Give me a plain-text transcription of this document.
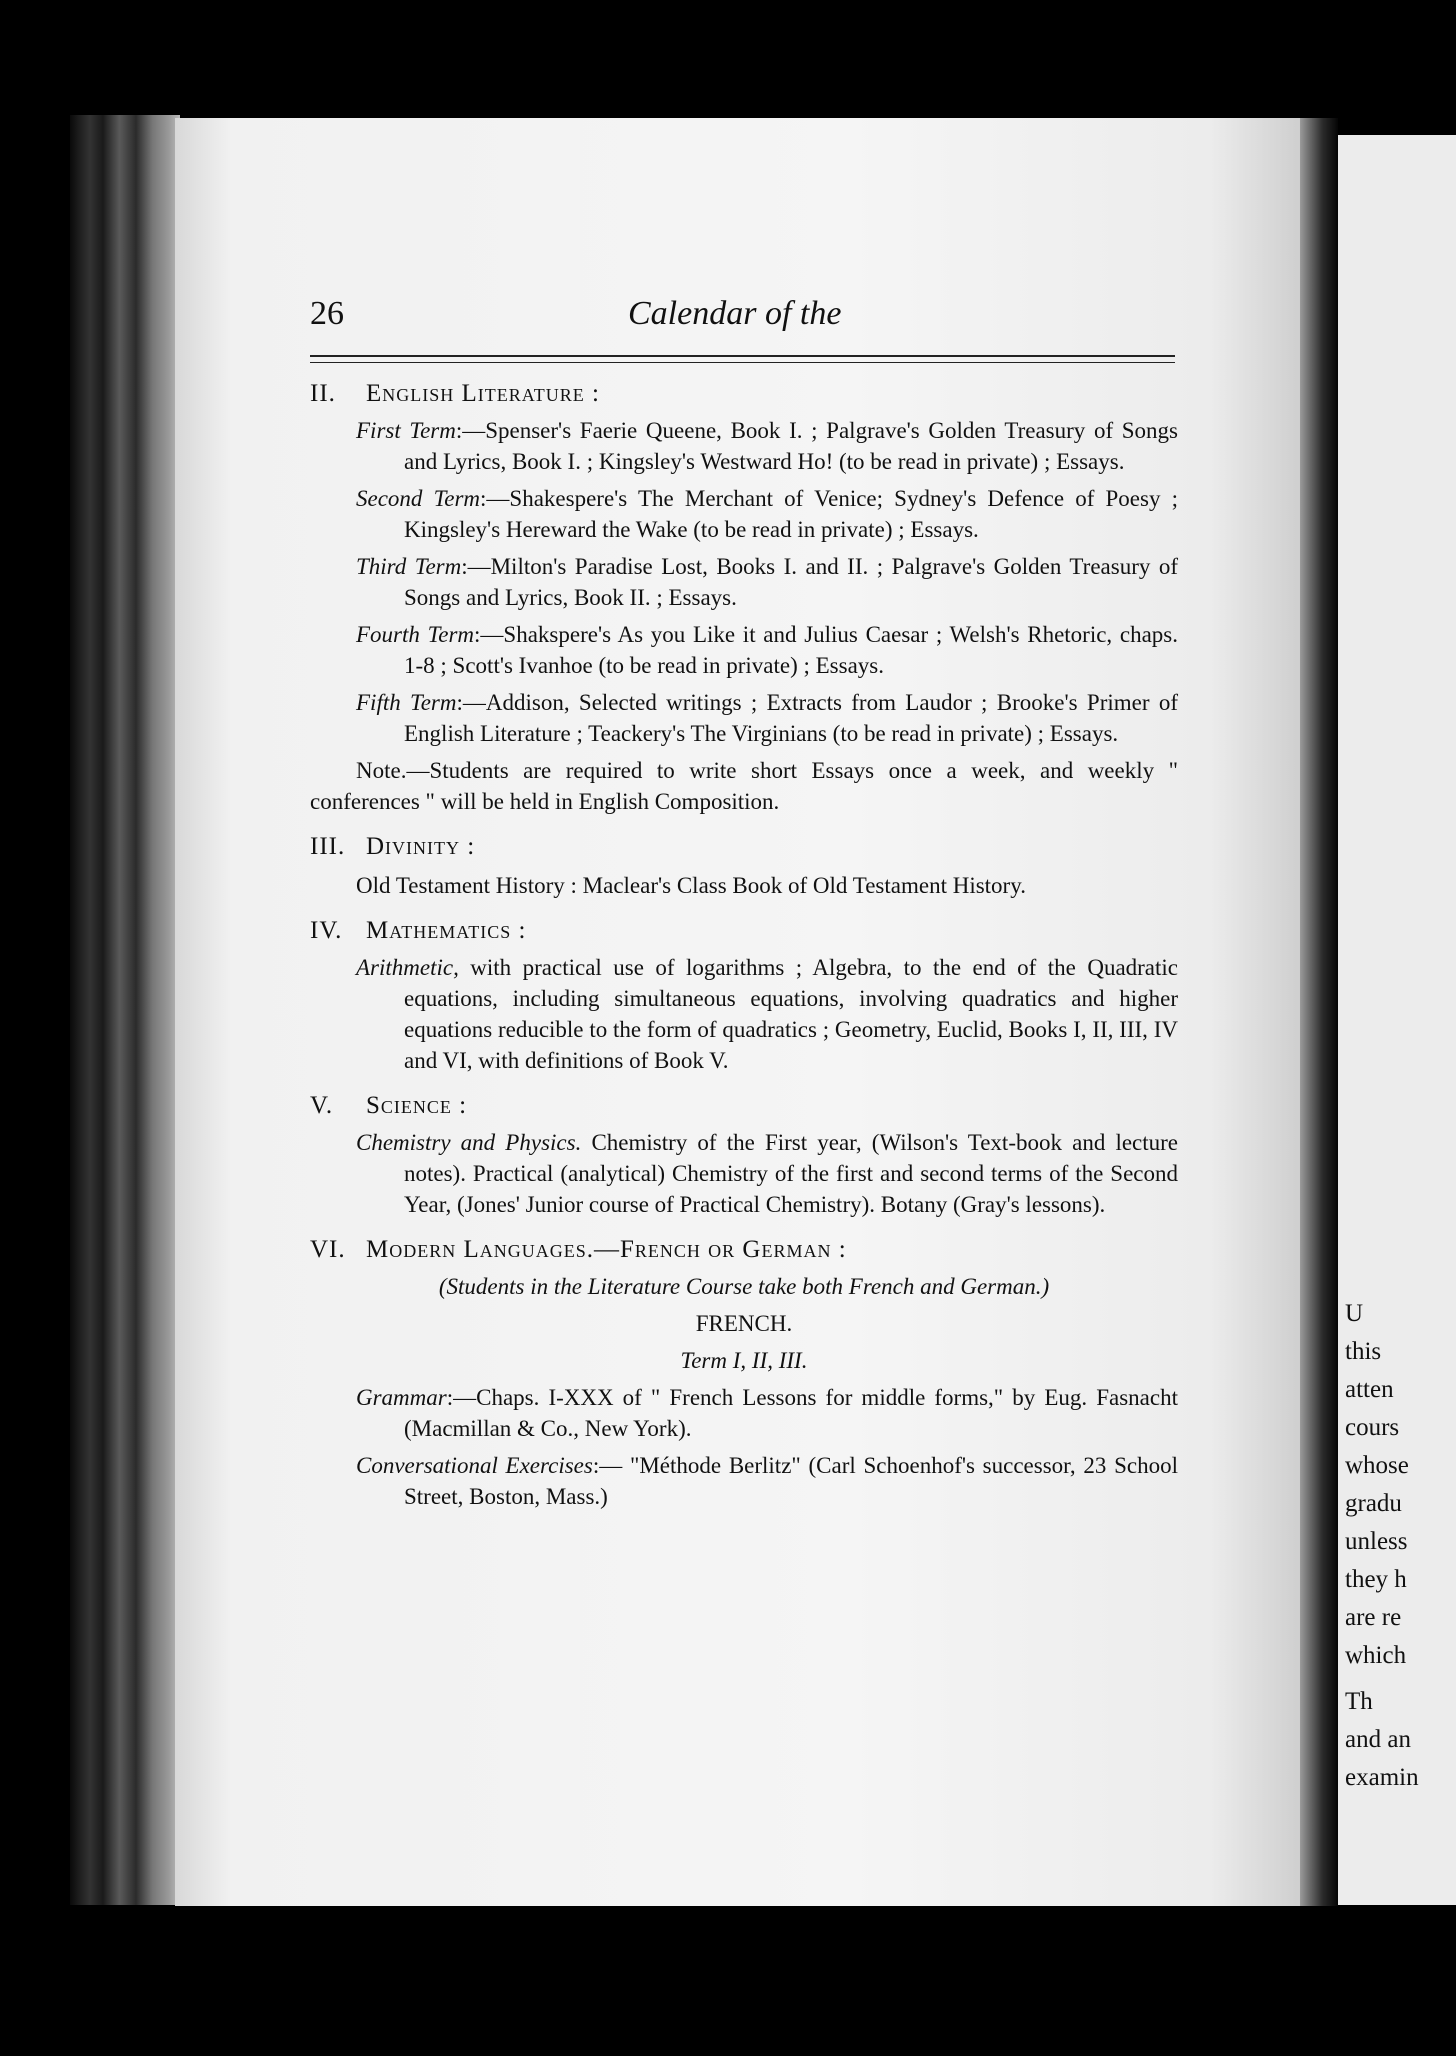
26	Calendar of the

II. English Literature :

First Term:—Spenser's Faerie Queene, Book I. ; Palgrave's Golden Treasury of Songs and Lyrics, Book I. ; Kingsley's Westward Ho! (to be read in private) ; Essays.

Second Term:—Shakespere's The Merchant of Venice; Sydney's Defence of Poesy ; Kingsley's Hereward the Wake (to be read in private) ; Essays.

Third Term:—Milton's Paradise Lost, Books I. and II. ; Palgrave's Golden Treasury of Songs and Lyrics, Book II. ; Essays.

Fourth Term:—Shakspere's As you Like it and Julius Caesar ; Welsh's Rhetoric, chaps. 1-8 ; Scott's Ivanhoe (to be read in private) ; Essays.

Fifth Term:—Addison, Selected writings ; Extracts from Laudor ; Brooke's Primer of English Literature ; Teackery's The Virginians (to be read in private) ; Essays.

Note.—Students are required to write short Essays once a week, and weekly " conferences " will be held in English Composition.

III. Divinity :

Old Testament History : Maclear's Class Book of Old Testament History.

IV. Mathematics :

Arithmetic, with practical use of logarithms ; Algebra, to the end of the Quadratic equations, including simultaneous equations, involving quadratics and higher equations reducible to the form of quadratics ; Geometry, Euclid, Books I, II, III, IV and VI, with definitions of Book V.

V. Science :

Chemistry and Physics. Chemistry of the First year, (Wilson's Text-book and lecture notes). Practical (analytical) Chemistry of the first and second terms of the Second Year, (Jones' Junior course of Practical Chemistry). Botany (Gray's lessons).

VI. Modern Languages.—French or German :

(Students in the Literature Course take both French and German.)

FRENCH.

Term I, II, III.

Grammar:—Chaps. I-XXX of " French Lessons for middle forms," by Eug. Fasnacht (Macmillan & Co., New York).

Conversational Exercises:— "Méthode Berlitz" (Carl Schoenhof's successor, 23 School Street, Boston, Mass.)

U
this
atten
cours
whose
gradu
unless
they h
are re
which
Th
and an
examin
